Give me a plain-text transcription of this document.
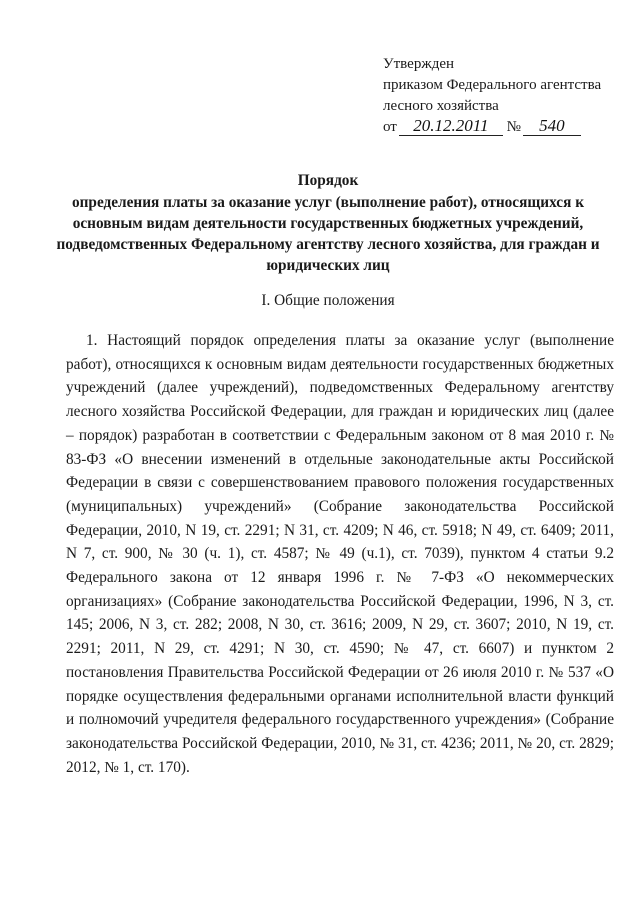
Утвержден
приказом Федерального агентства
лесного хозяйства
от 20.12.2011 № 540
Порядок
определения платы за оказание услуг (выполнение работ), относящихся к
основным видам деятельности государственных бюджетных учреждений,
подведомственных Федеральному агентству лесного хозяйства, для граждан и
юридических лиц
I. Общие положения
1. Настоящий порядок определения платы за оказание услуг (выполнение работ), относящихся к основным видам деятельности государственных бюджетных учреждений (далее учреждений), подведомственных Федеральному агентству лесного хозяйства Российской Федерации, для граждан и юридических лиц (далее – порядок) разработан в соответствии с Федеральным законом от 8 мая 2010 г. № 83-ФЗ «О внесении изменений в отдельные законодательные акты Российской Федерации в связи с совершенствованием правового положения государственных (муниципальных) учреждений» (Собрание законодательства Российской Федерации, 2010, N 19, ст. 2291; N 31, ст. 4209; N 46, ст. 5918; N 49, ст. 6409; 2011, N 7, ст. 900, № 30 (ч. 1), ст. 4587; № 49 (ч.1), ст. 7039), пунктом 4 статьи 9.2 Федерального закона от 12 января 1996 г. № 7-ФЗ «О некоммерческих организациях» (Собрание законодательства Российской Федерации, 1996, N 3, ст. 145; 2006, N 3, ст. 282; 2008, N 30, ст. 3616; 2009, N 29, ст. 3607; 2010, N 19, ст. 2291; 2011, N 29, ст. 4291; N 30, ст. 4590; № 47, ст. 6607) и пунктом 2 постановления Правительства Российской Федерации от 26 июля 2010 г. № 537 «О порядке осуществления федеральными органами исполнительной власти функций и полномочий учредителя федерального государственного учреждения» (Собрание законодательства Российской Федерации, 2010, № 31, ст. 4236; 2011, № 20, ст. 2829; 2012, № 1, ст. 170).
